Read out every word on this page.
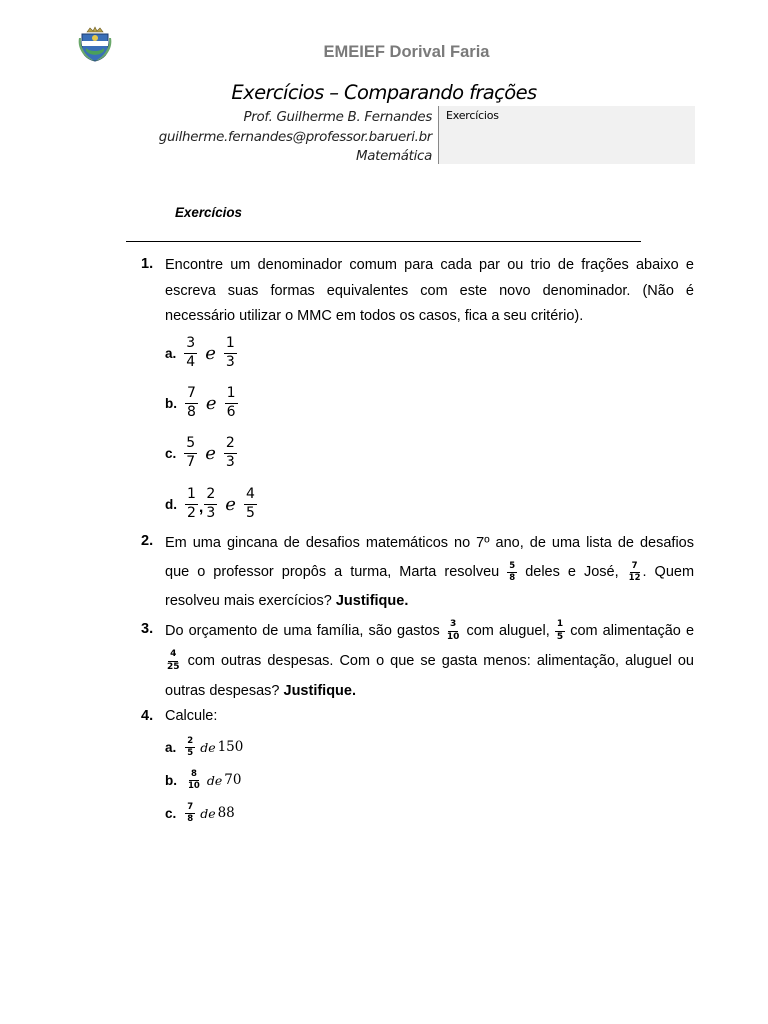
EMEIEF Dorival Faria
Exercícios – Comparando frações
Prof. Guilherme B. Fernandes
guilherme.fernandes@professor.barueri.br
Matemática
Exercícios
Exercícios
1. Encontre um denominador comum para cada par ou trio de frações abaixo e escreva suas formas equivalentes com este novo denominador. (Não é necessário utilizar o MMC em todos os casos, fica a seu critério).
a. $\frac{3}{4}$ e $\frac{1}{3}$
b. $\frac{7}{8}$ e $\frac{1}{6}$
c. $\frac{5}{7}$ e $\frac{2}{3}$
d. $\frac{1}{2}$ , $\frac{2}{3}$ e $\frac{4}{5}$
2. Em uma gincana de desafios matemáticos no 7º ano, de uma lista de desafios que o professor propôs a turma, Marta resolveu $\frac{5}{8}$ deles e José, $\frac{7}{12}$ . Quem resolveu mais exercícios? Justifique.
3. Do orçamento de uma família, são gastos $\frac{3}{10}$ com aluguel, $\frac{1}{5}$ com alimentação e
$\frac{4}{25}$ com outras despesas. Com o que se gasta menos: alimentação, aluguel ou outras despesas? Justifique.
4. Calcule:
a. $\frac{2}{5}$ de 150
b. $\frac{8}{10}$ de 70
c. $\frac{7}{8}$ de 88
